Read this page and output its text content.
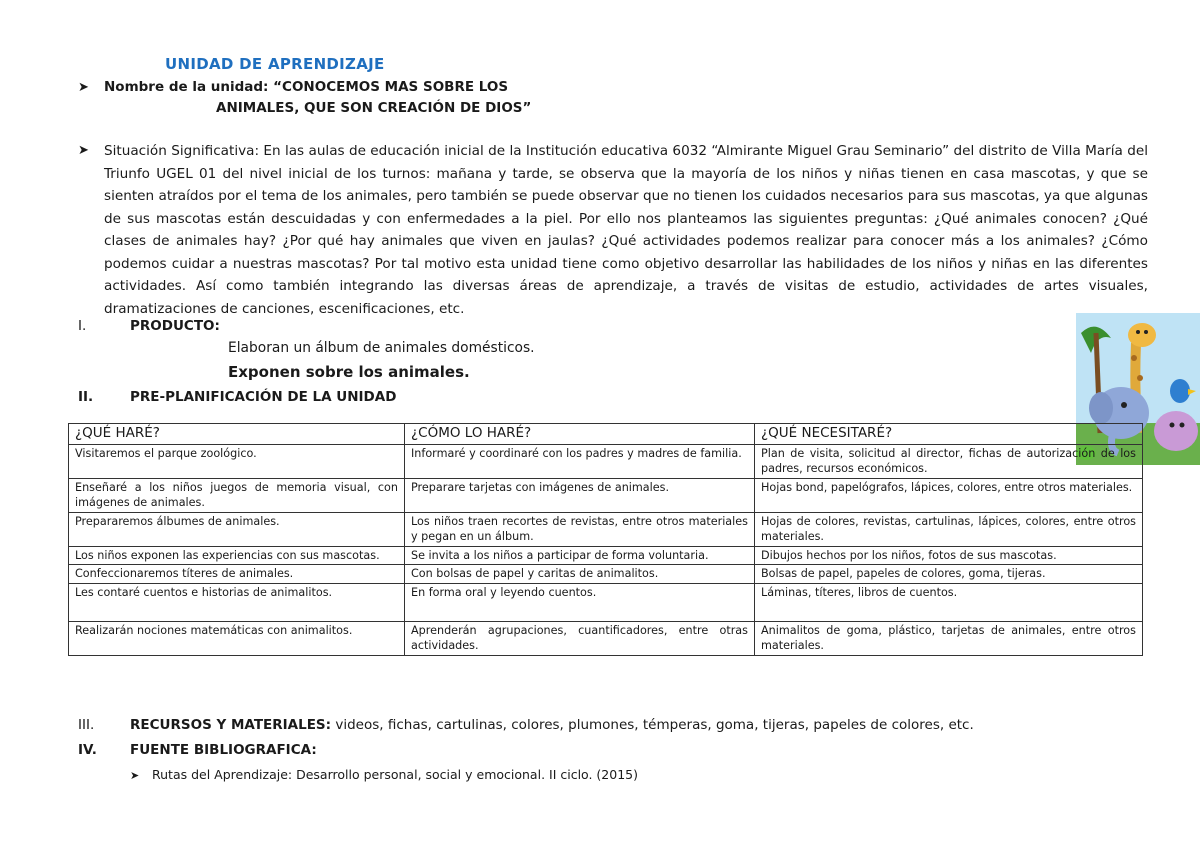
UNIDAD DE APRENDIZAJE
➤ Nombre de la unidad: “CONOCEMOS MAS SOBRE LOS
ANIMALES, QUE SON CREACIÓN DE DIOS”
➤	Situación Significativa: En las aulas de educación inicial de la Institución educativa 6032 “Almirante Miguel Grau Seminario” del distrito de Villa María del Triunfo UGEL 01 del nivel inicial de los turnos: mañana y tarde, se observa que la mayoría de los niños y niñas tienen en casa mascotas, y que se sienten atraídos por el tema de los animales, pero también se puede observar que no tienen los cuidados necesarios para sus mascotas, ya que algunas de sus mascotas están descuidadas y con enfermedades a la piel. Por ello nos planteamos las siguientes preguntas: ¿Qué animales conocen? ¿Qué clases de animales hay? ¿Por qué hay animales que viven en jaulas? ¿Qué actividades podemos realizar para conocer más a los animales? ¿Cómo podemos cuidar a nuestras mascotas? Por tal motivo esta unidad tiene como objetivo desarrollar las habilidades de los niños y niñas en las diferentes actividades. Así como también integrando las diversas áreas de aprendizaje, a través de visitas de estudio, actividades de artes visuales, dramatizaciones de canciones, escenificaciones, etc.
I.	PRODUCTO:
Elaboran un álbum de animales domésticos.
Exponen sobre los animales.
II.	PRE-PLANIFICACIÓN DE LA UNIDAD
¿QUÉ HARÉ?	¿CÓMO LO HARÉ?	¿QUÉ NECESITARÉ?
Visitaremos el parque zoológico.	Informaré y coordinaré con los padres y madres de familia.	Plan de visita, solicitud al director, fichas de autorización de los padres, recursos económicos.
Enseñaré a los niños juegos de memoria visual, con imágenes de animales.	Preparare tarjetas con imágenes de animales.	Hojas bond, papelógrafos, lápices, colores, entre otros materiales.
Prepararemos álbumes de animales.	Los niños traen recortes de revistas, entre otros materiales y pegan en un álbum.	Hojas de colores, revistas, cartulinas, lápices, colores, entre otros materiales.
Los niños exponen las experiencias con sus mascotas.	Se invita a los niños a participar de forma voluntaria.	Dibujos hechos por los niños, fotos de sus mascotas.
Confeccionaremos títeres de animales.	Con bolsas de papel y caritas de animalitos.	Bolsas de papel, papeles de colores, goma, tijeras.
Les contaré cuentos e historias de animalitos.	En forma oral y leyendo cuentos.	Láminas, títeres, libros de cuentos.
Realizarán nociones matemáticas con animalitos.	Aprenderán agrupaciones, cuantificadores, entre otras actividades.	Animalitos de goma, plástico, tarjetas de animales, entre otros materiales.
III.	RECURSOS Y MATERIALES: videos, fichas, cartulinas, colores, plumones, témperas, goma, tijeras, papeles de colores, etc.
IV. FUENTE BIBLIOGRAFICA:
➤ Rutas del Aprendizaje: Desarrollo personal, social y emocional. II ciclo. (2015)
